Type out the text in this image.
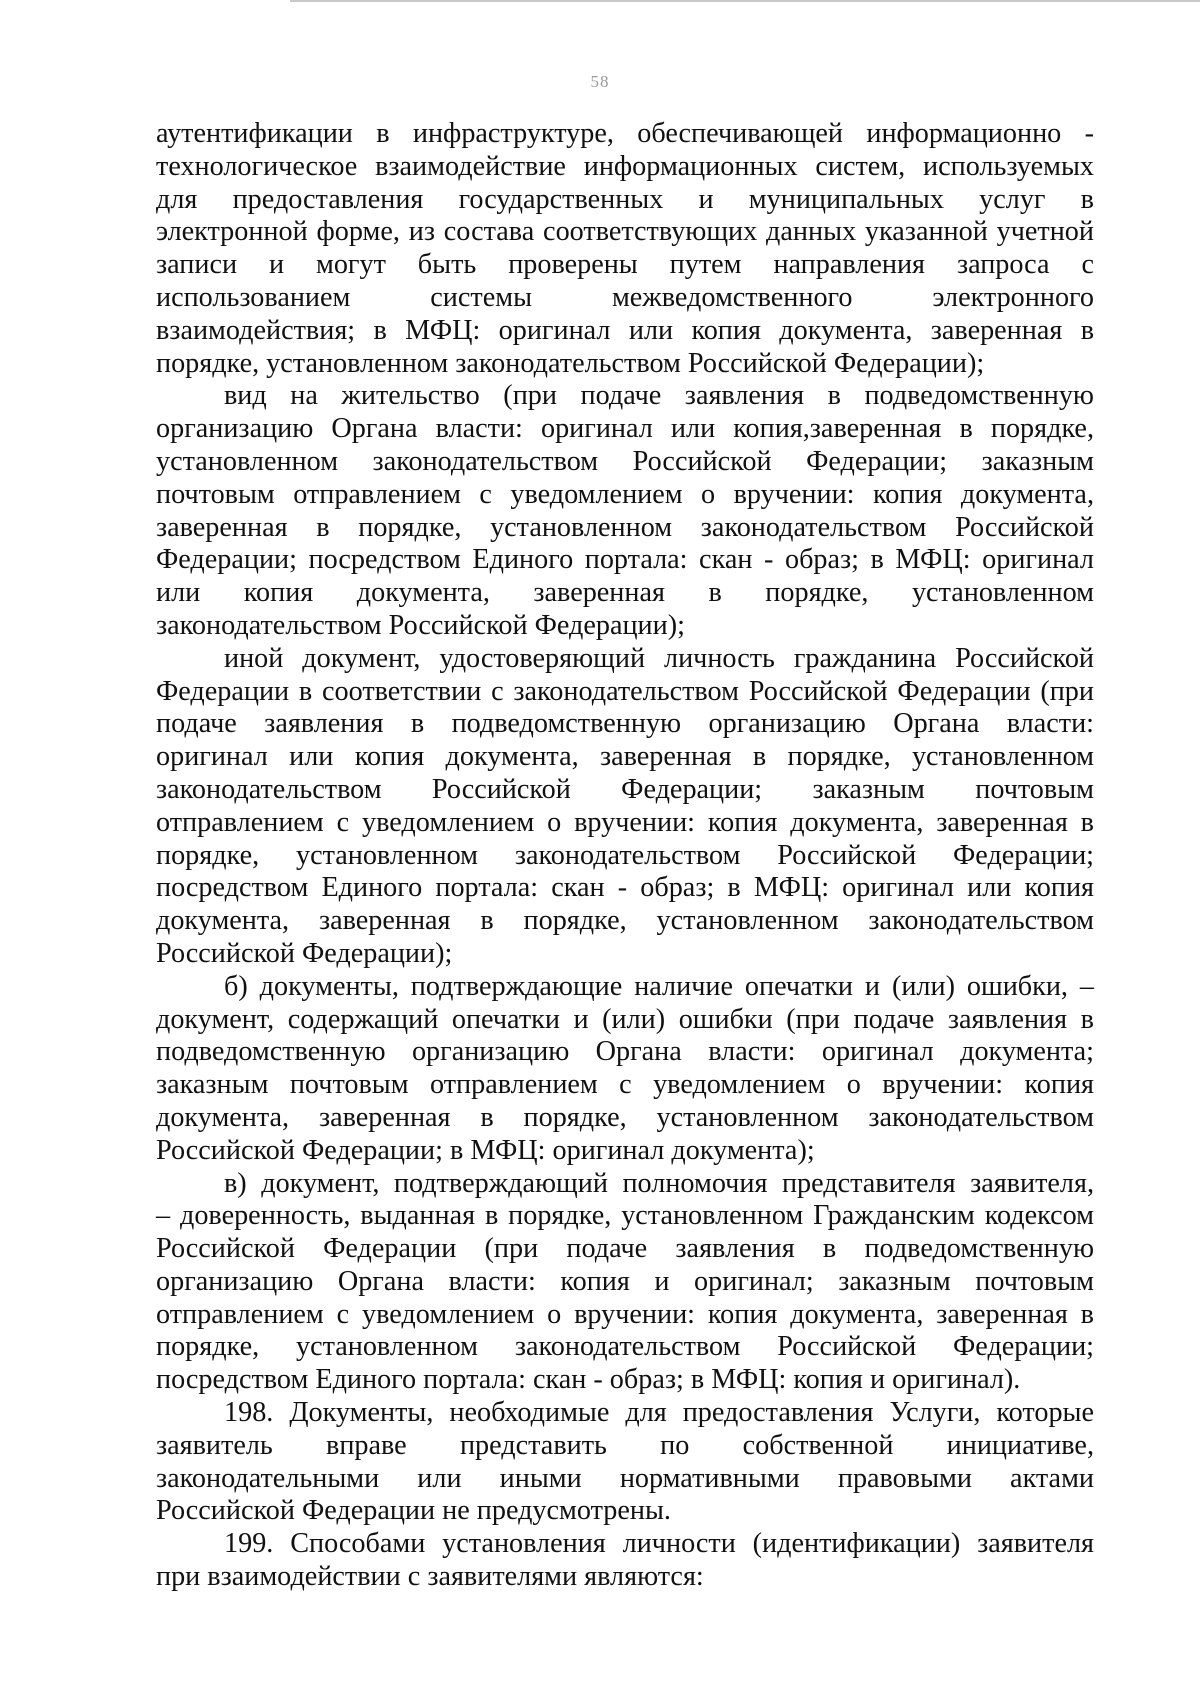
58

аутентификации в инфраструктуре, обеспечивающей информационно -
технологическое взаимодействие информационных систем, используемых
для предоставления государственных и муниципальных услуг в
электронной форме, из состава соответствующих данных указанной учетной
записи и могут быть проверены путем направления запроса с
использованием системы межведомственного электронного
взаимодействия; в МФЦ: оригинал или копия документа, заверенная в
порядке, установленном законодательством Российской Федерации);

вид на жительство (при подаче заявления в подведомственную
организацию Органа власти: оригинал или копия,заверенная в порядке,
установленном законодательством Российской Федерации; заказным
почтовым отправлением с уведомлением о вручении: копия документа,
заверенная в порядке, установленном законодательством Российской
Федерации; посредством Единого портала: скан - образ; в МФЦ: оригинал
или копия документа, заверенная в порядке, установленном
законодательством Российской Федерации);

иной документ, удостоверяющий личность гражданина Российской
Федерации в соответствии с законодательством Российской Федерации (при
подаче заявления в подведомственную организацию Органа власти:
оригинал или копия документа, заверенная в порядке, установленном
законодательством Российской Федерации; заказным почтовым
отправлением с уведомлением о вручении: копия документа, заверенная в
порядке, установленном законодательством Российской Федерации;
посредством Единого портала: скан - образ; в МФЦ: оригинал или копия
документа, заверенная в порядке, установленном законодательством
Российской Федерации);

б) документы, подтверждающие наличие опечатки и (или) ошибки, –
документ, содержащий опечатки и (или) ошибки (при подаче заявления в
подведомственную организацию Органа власти: оригинал документа;
заказным почтовым отправлением с уведомлением о вручении: копия
документа, заверенная в порядке, установленном законодательством
Российской Федерации; в МФЦ: оригинал документа);

в) документ, подтверждающий полномочия представителя заявителя,
– доверенность, выданная в порядке, установленном Гражданским кодексом
Российской Федерации (при подаче заявления в подведомственную
организацию Органа власти: копия и оригинал; заказным почтовым
отправлением с уведомлением о вручении: копия документа, заверенная в
порядке, установленном законодательством Российской Федерации;
посредством Единого портала: скан - образ; в МФЦ: копия и оригинал).

198. Документы, необходимые для предоставления Услуги, которые
заявитель вправе представить по собственной инициативе,
законодательными или иными нормативными правовыми актами
Российской Федерации не предусмотрены.

199. Способами установления личности (идентификации) заявителя
при взаимодействии с заявителями являются:
